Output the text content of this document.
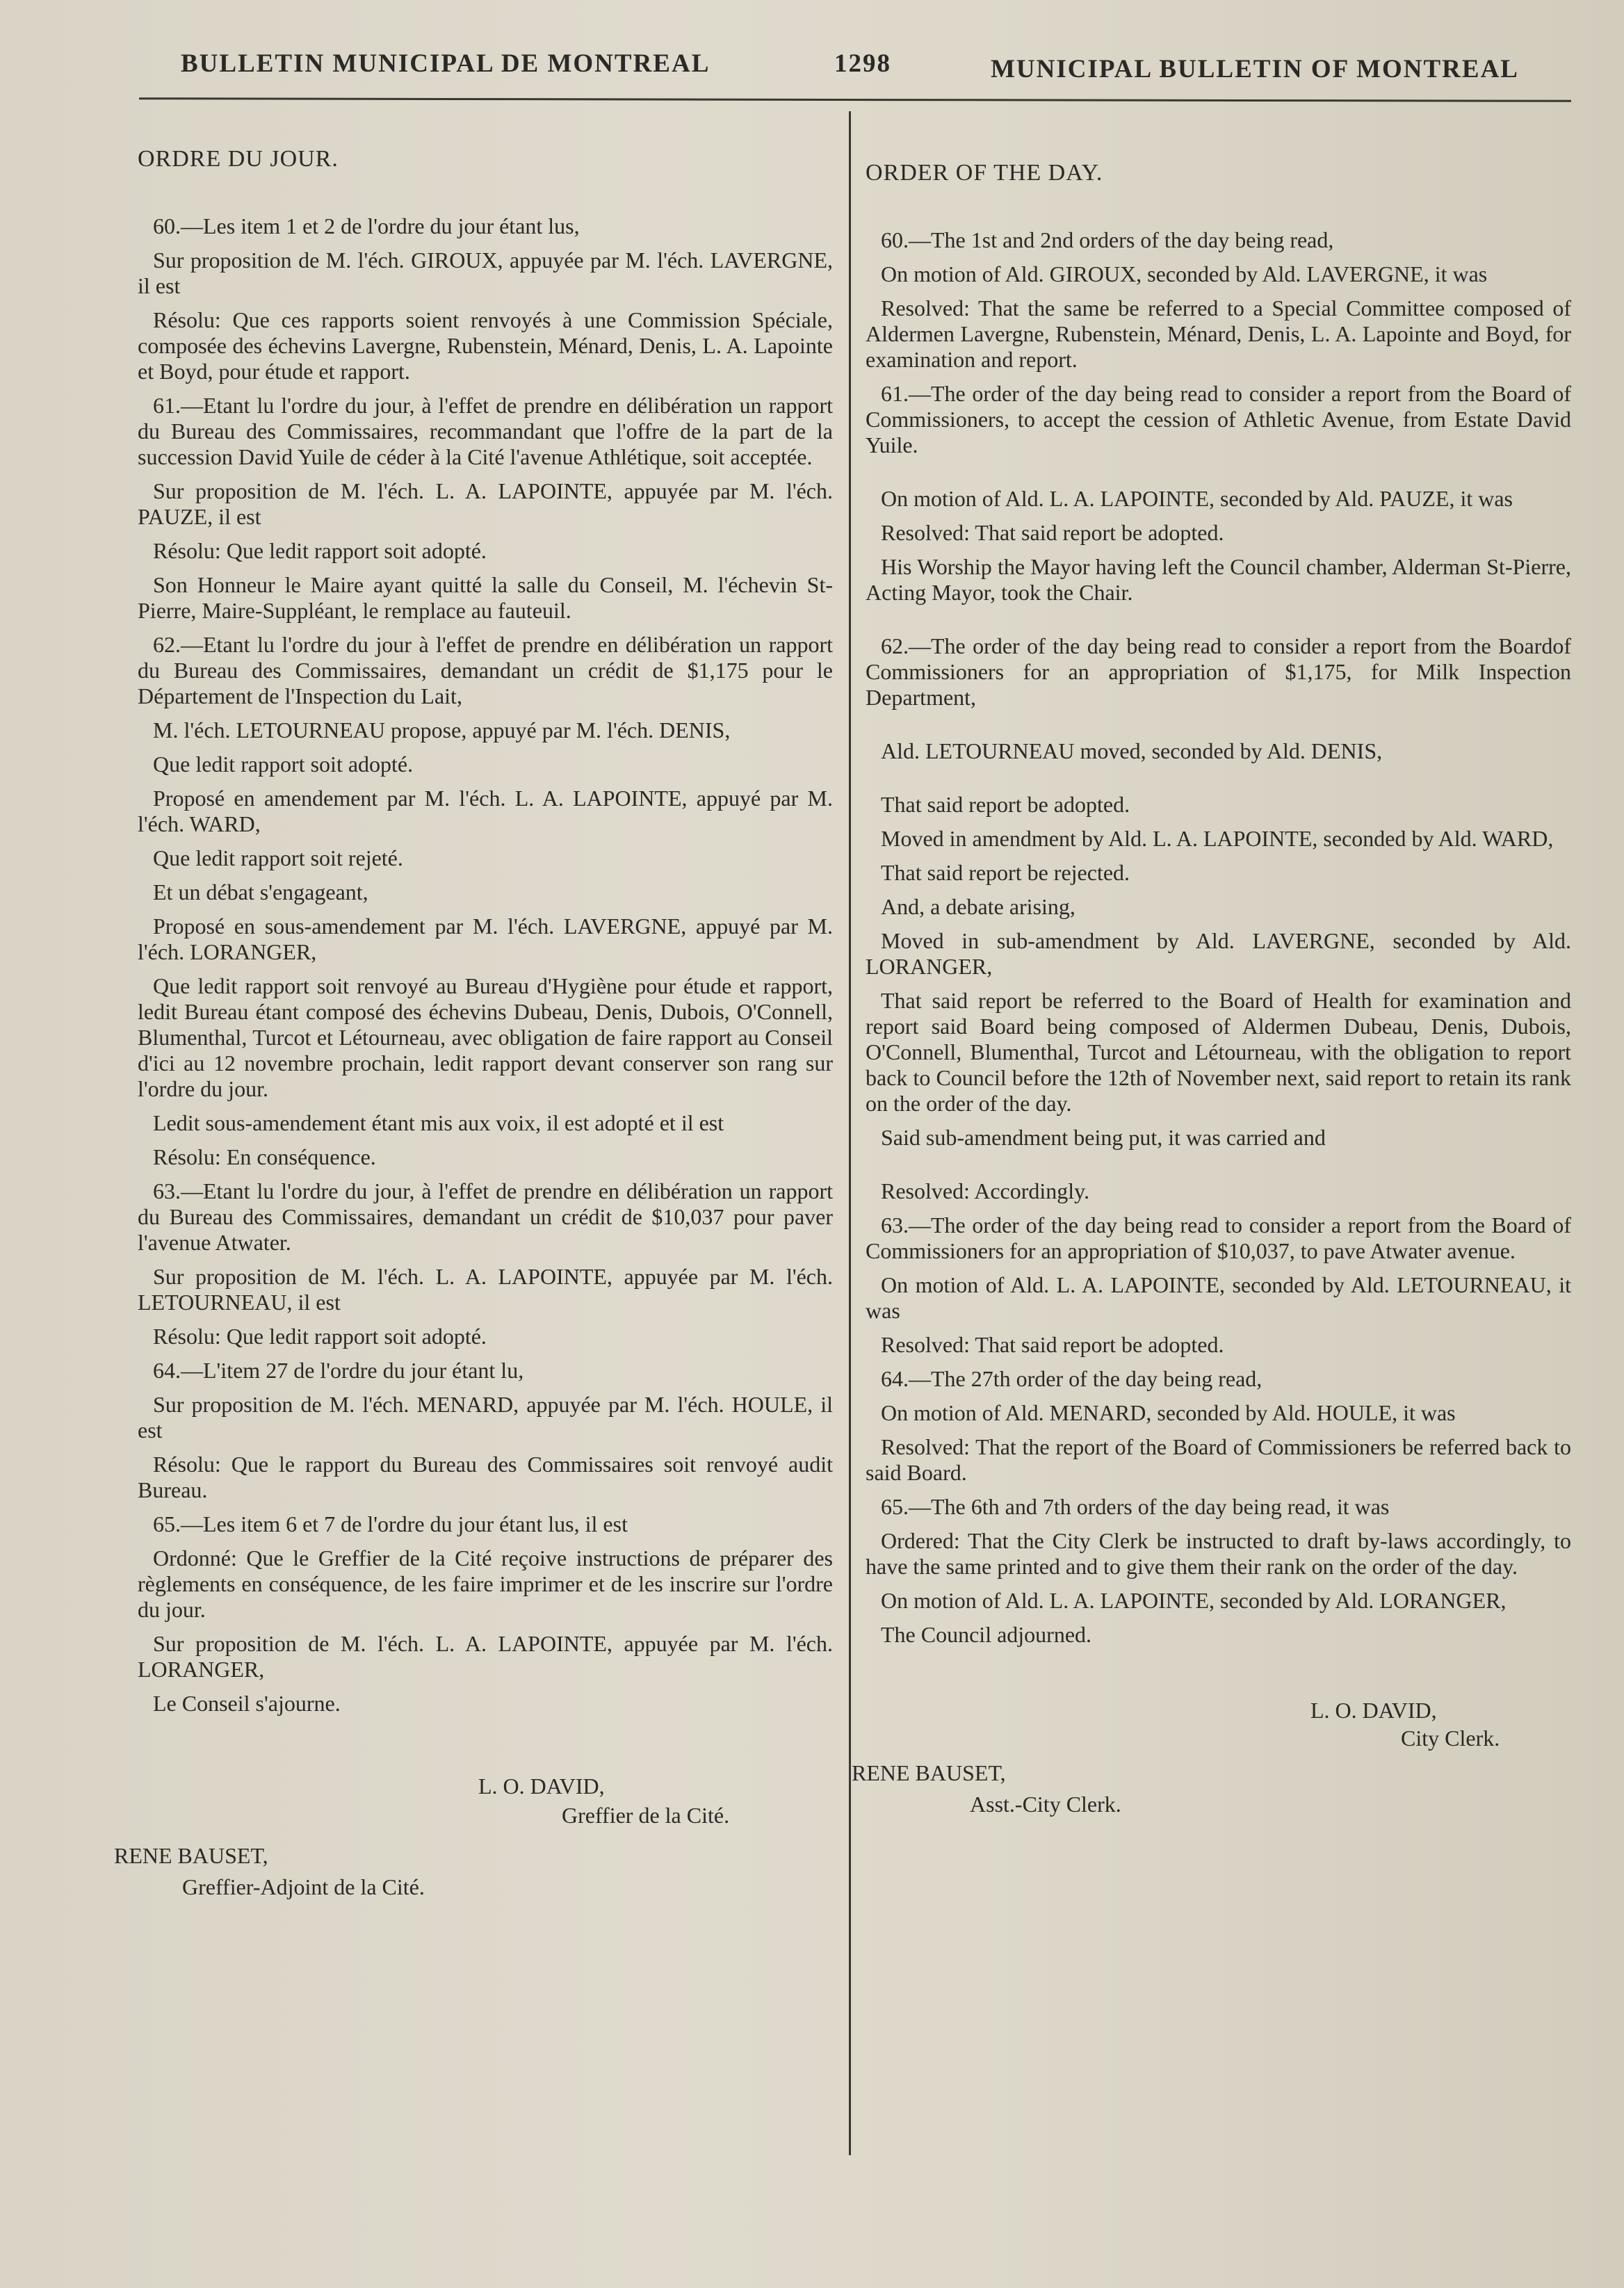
BULLETIN MUNICIPAL DE MONTREAL	1298	MUNICIPAL BULLETIN OF MONTREAL
ORDRE DU JOUR.

60.—Les item 1 et 2 de l'ordre du jour étant lus,

Sur proposition de M. l'éch. GIROUX, appuyée par M. l'éch. LAVERGNE, il est

Résolu: Que ces rapports soient renvoyés à une Commission Spéciale, composée des échevins Lavergne, Rubenstein, Ménard, Denis, L. A. Lapointe et Boyd, pour étude et rapport.

61.—Etant lu l'ordre du jour, à l'effet de prendre en délibération un rapport du Bureau des Commissaires, recommandant que l'offre de la part de la succession David Yuile de céder à la Cité l'avenue Athlétique, soit acceptée.

Sur proposition de M. l'éch. L. A. LAPOINTE, appuyée par M. l'éch. PAUZE, il est

Résolu: Que ledit rapport soit adopté.

Son Honneur le Maire ayant quitté la salle du Conseil, M. l'échevin St-Pierre, Maire-Suppléant, le remplace au fauteuil.

62.—Etant lu l'ordre du jour à l'effet de prendre en délibération un rapport du Bureau des Commissaires, demandant un crédit de $1,175 pour le Département de l'Inspection du Lait,

M. l'éch. LETOURNEAU propose, appuyé par M. l'éch. DENIS,

Que ledit rapport soit adopté.

Proposé en amendement par M. l'éch. L. A. LAPOINTE, appuyé par M. l'éch. WARD,

Que ledit rapport soit rejeté.

Et un débat s'engageant,

Proposé en sous-amendement par M. l'éch. LAVERGNE, appuyé par M. l'éch. LORANGER,

Que ledit rapport soit renvoyé au Bureau d'Hygiène pour étude et rapport, ledit Bureau étant composé des échevins Dubeau, Denis, Dubois, O'Connell, Blumenthal, Turcot et Létourneau, avec obligation de faire rapport au Conseil d'ici au 12 novembre prochain, ledit rapport devant conserver son rang sur l'ordre du jour.

Ledit sous-amendement étant mis aux voix, il est adopté et il est

Résolu: En conséquence.

63.—Etant lu l'ordre du jour, à l'effet de prendre en délibération un rapport du Bureau des Commissaires, demandant un crédit de $10,037 pour paver l'avenue Atwater.

Sur proposition de M. l'éch. L. A. LAPOINTE, appuyée par M. l'éch. LETOURNEAU, il est

Résolu: Que ledit rapport soit adopté.

64.—L'item 27 de l'ordre du jour étant lu,

Sur proposition de M. l'éch. MENARD, appuyée par M. l'éch. HOULE, il est

Résolu: Que le rapport du Bureau des Commissaires soit renvoyé audit Bureau.

65.—Les item 6 et 7 de l'ordre du jour étant lus, il est

Ordonné: Que le Greffier de la Cité reçoive instructions de préparer des règlements en conséquence, de les faire imprimer et de les inscrire sur l'ordre du jour.

Sur proposition de M. l'éch. L. A. LAPOINTE, appuyée par M. l'éch. LORANGER,

Le Conseil s'ajourne.

L. O. DAVID,
Greffier de la Cité.
RENE BAUSET,
Greffier-Adjoint de la Cité.
ORDER OF THE DAY.

60.—The 1st and 2nd orders of the day being read,

On motion of Ald. GIROUX, seconded by Ald. LAVERGNE, it was

Resolved: That the same be referred to a Special Committee composed of Aldermen Lavergne, Rubenstein, Ménard, Denis, L. A. Lapointe and Boyd, for examination and report.

61.—The order of the day being read to consider a report from the Board of Commissioners, to accept the cession of Athletic Avenue, from Estate David Yuile.

On motion of Ald. L. A. LAPOINTE, seconded by Ald. PAUZE, it was

Resolved: That said report be adopted.

His Worship the Mayor having left the Council chamber, Alderman St-Pierre, Acting Mayor, took the Chair.

62.—The order of the day being read to consider a report from the Boardof Commissioners for an appropriation of $1,175, for Milk Inspection Department,

Ald. LETOURNEAU moved, seconded by Ald. DENIS,

That said report be adopted.

Moved in amendment by Ald. L. A. LAPOINTE, seconded by Ald. WARD,

That said report be rejected.

And, a debate arising,

Moved in sub-amendment by Ald. LAVERGNE, seconded by Ald. LORANGER,

That said report be referred to the Board of Health for examination and report said Board being composed of Aldermen Dubeau, Denis, Dubois, O'Connell, Blumenthal, Turcot and Létourneau, with the obligation to report back to Council before the 12th of November next, said report to retain its rank on the order of the day.

Said sub-amendment being put, it was carried and

Resolved: Accordingly.

63.—The order of the day being read to consider a report from the Board of Commissioners for an appropriation of $10,037, to pave Atwater avenue.

On motion of Ald. L. A. LAPOINTE, seconded by Ald. LETOURNEAU, it was

Resolved: That said report be adopted.

64.—The 27th order of the day being read,

On motion of Ald. MENARD, seconded by Ald. HOULE, it was

Resolved: That the report of the Board of Commissioners be referred back to said Board.

65.—The 6th and 7th orders of the day being read, it was

Ordered: That the City Clerk be instructed to draft by-laws accordingly, to have the same printed and to give them their rank on the order of the day.

On motion of Ald. L. A. LAPOINTE, seconded by Ald. LORANGER,

The Council adjourned.

L. O. DAVID,
City Clerk.
RENE BAUSET,
Asst.-City Clerk.
